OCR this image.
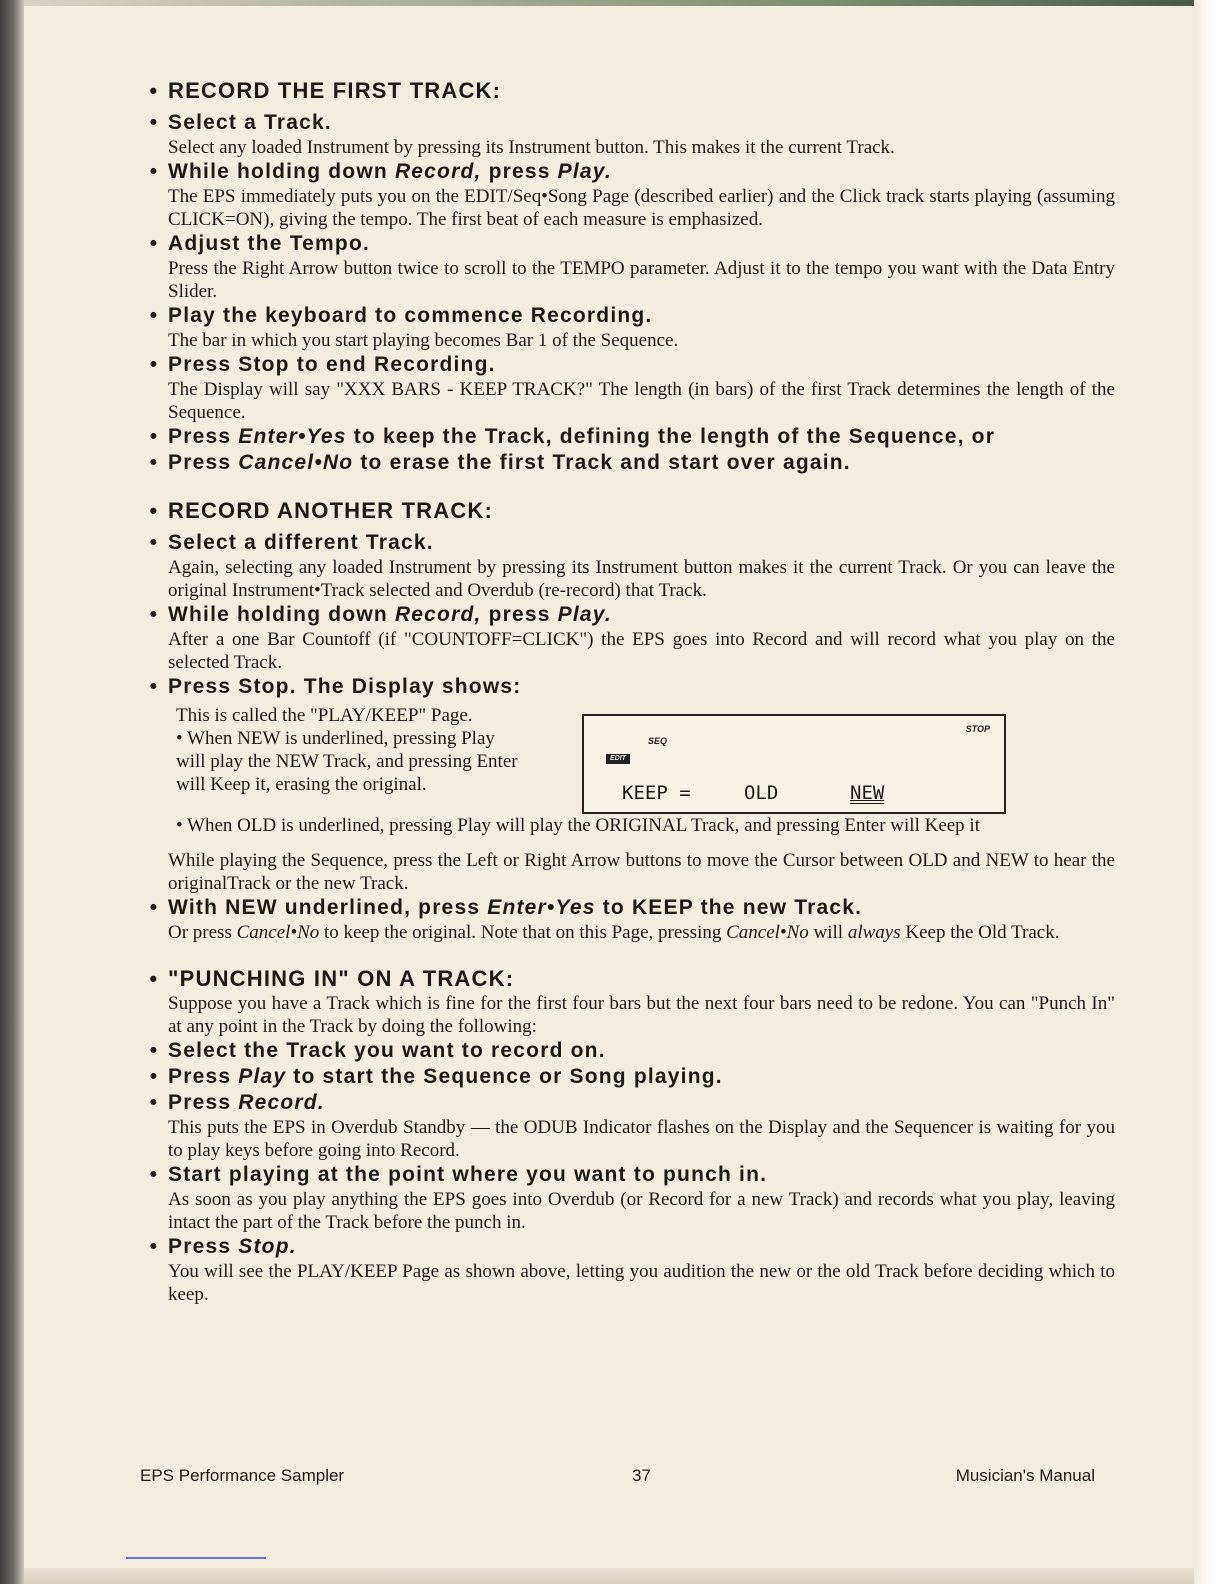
• RECORD THE FIRST TRACK:
• Select a Track.
Select any loaded Instrument by pressing its Instrument button. This makes it the current Track.
• While holding down Record, press Play.
The EPS immediately puts you on the EDIT/Seq•Song Page (described earlier) and the Click track starts playing (assuming CLICK=ON), giving the tempo. The first beat of each measure is emphasized.
• Adjust the Tempo.
Press the Right Arrow button twice to scroll to the TEMPO parameter. Adjust it to the tempo you want with the Data Entry Slider.
• Play the keyboard to commence Recording.
The bar in which you start playing becomes Bar 1 of the Sequence.
• Press Stop to end Recording.
The Display will say "XXX BARS - KEEP TRACK?" The length (in bars) of the first Track determines the length of the Sequence.
• Press Enter•Yes to keep the Track, defining the length of the Sequence, or
• Press Cancel•No to erase the first Track and start over again.
• RECORD ANOTHER TRACK:
• Select a different Track.
Again, selecting any loaded Instrument by pressing its Instrument button makes it the current Track. Or you can leave the original Instrument•Track selected and Overdub (re-record) that Track.
• While holding down Record, press Play.
After a one Bar Countoff (if "COUNTOFF=CLICK") the EPS goes into Record and will record what you play on the selected Track.
• Press Stop. The Display shows:
This is called the "PLAY/KEEP" Page.
• When NEW is underlined, pressing Play will play the NEW Track, and pressing Enter will Keep it, erasing the original.
STOP
SEQ
EDIT
KEEP =	OLD	NEW
• When OLD is underlined, pressing Play will play the ORIGINAL Track, and pressing Enter will Keep it
While playing the Sequence, press the Left or Right Arrow buttons to move the Cursor between OLD and NEW to hear the originalTrack or the new Track.
• With NEW underlined, press Enter•Yes to KEEP the new Track.
Or press Cancel•No to keep the original. Note that on this Page, pressing Cancel•No will always Keep the Old Track.
• "PUNCHING IN" ON A TRACK:
Suppose you have a Track which is fine for the first four bars but the next four bars need to be redone. You can "Punch In" at any point in the Track by doing the following:
• Select the Track you want to record on.
• Press Play to start the Sequence or Song playing.
• Press Record.
This puts the EPS in Overdub Standby — the ODUB Indicator flashes on the Display and the Sequencer is waiting for you to play keys before going into Record.
• Start playing at the point where you want to punch in.
As soon as you play anything the EPS goes into Overdub (or Record for a new Track) and records what you play, leaving intact the part of the Track before the punch in.
• Press Stop.
You will see the PLAY/KEEP Page as shown above, letting you audition the new or the old Track before deciding which to keep.
EPS Performance Sampler	37	Musician's Manual
